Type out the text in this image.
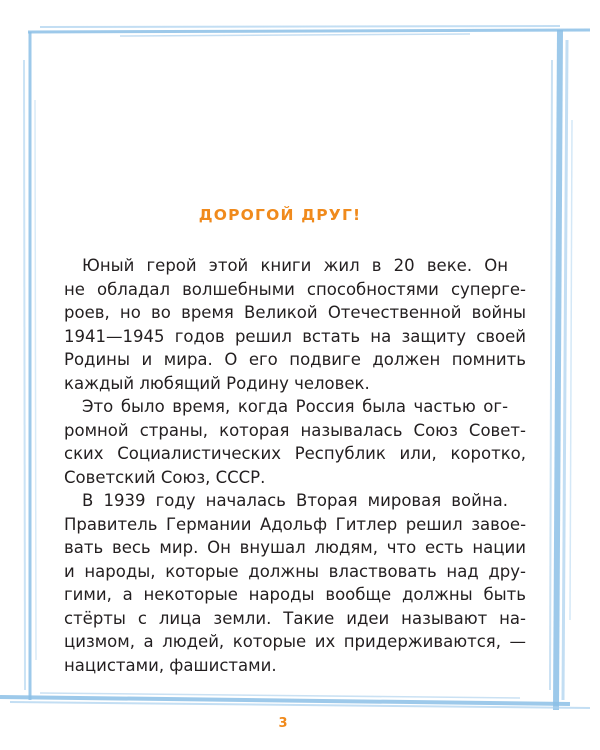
ДОРОГОЙ ДРУГ!

Юный герой этой книги жил в 20 веке. Он
не обладал волшебными способностями суперге-
роев, но во время Великой Отечественной войны
1941—1945 годов решил встать на защиту своей
Родины и мира. О его подвиге должен помнить
каждый любящий Родину человек.

Это было время, когда Россия была частью ог-
ромной страны, которая называлась Союз Совет-
ских Социалистических Республик или, коротко,
Советский Союз, СССР.

В 1939 году началась Вторая мировая война.
Правитель Германии Адольф Гитлер решил завое-
вать весь мир. Он внушал людям, что есть нации
и народы, которые должны властвовать над дру-
гими, а некоторые народы вообще должны быть
стёрты с лица земли. Такие идеи называют на-
цизмом, а людей, которые их придерживаются, —
нацистами, фашистами.

3
